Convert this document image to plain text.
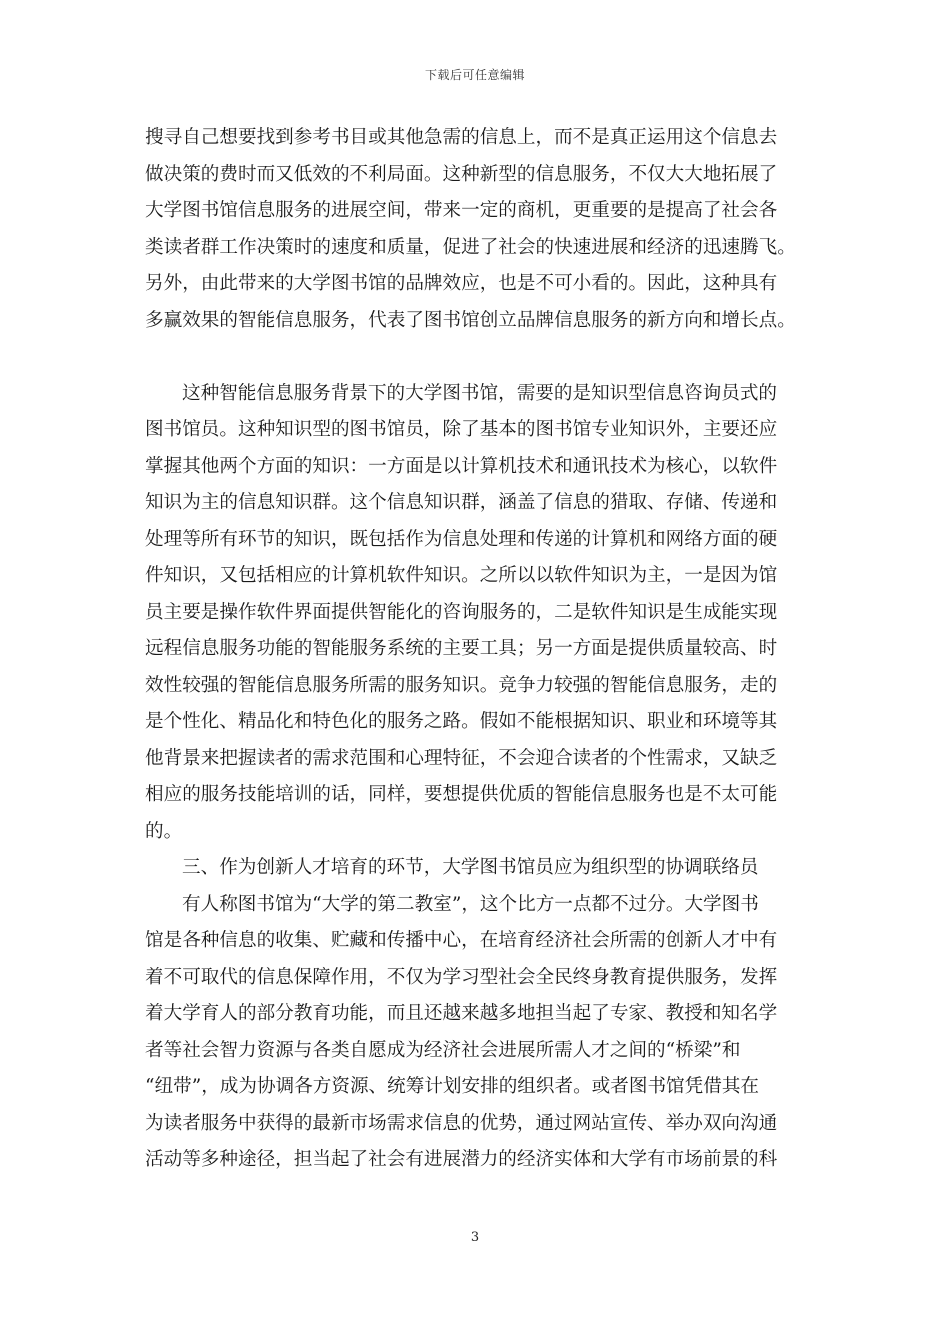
下载后可任意编辑
搜寻自己想要找到参考书目或其他急需的信息上，而不是真正运用这个信息去
做决策的费时而又低效的不利局面。这种新型的信息服务，不仅大大地拓展了
大学图书馆信息服务的进展空间，带来一定的商机，更重要的是提高了社会各
类读者群工作决策时的速度和质量，促进了社会的快速进展和经济的迅速腾飞。
另外，由此带来的大学图书馆的品牌效应，也是不可小看的。因此，这种具有
多赢效果的智能信息服务，代表了图书馆创立品牌信息服务的新方向和增长点。
这种智能信息服务背景下的大学图书馆，需要的是知识型信息咨询员式的
图书馆员。这种知识型的图书馆员，除了基本的图书馆专业知识外，主要还应
掌握其他两个方面的知识：一方面是以计算机技术和通讯技术为核心，以软件
知识为主的信息知识群。这个信息知识群，涵盖了信息的猎取、存储、传递和
处理等所有环节的知识，既包括作为信息处理和传递的计算机和网络方面的硬
件知识，又包括相应的计算机软件知识。之所以以软件知识为主，一是因为馆
员主要是操作软件界面提供智能化的咨询服务的，二是软件知识是生成能实现
远程信息服务功能的智能服务系统的主要工具；另一方面是提供质量较高、时
效性较强的智能信息服务所需的服务知识。竞争力较强的智能信息服务，走的
是个性化、精品化和特色化的服务之路。假如不能根据知识、职业和环境等其
他背景来把握读者的需求范围和心理特征，不会迎合读者的个性需求，又缺乏
相应的服务技能培训的话，同样，要想提供优质的智能信息服务也是不太可能
的。
三、作为创新人才培育的环节，大学图书馆员应为组织型的协调联络员
有人称图书馆为“大学的第二教室”，这个比方一点都不过分。大学图书
馆是各种信息的收集、贮藏和传播中心，在培育经济社会所需的创新人才中有
着不可取代的信息保障作用，不仅为学习型社会全民终身教育提供服务，发挥
着大学育人的部分教育功能，而且还越来越多地担当起了专家、教授和知名学
者等社会智力资源与各类自愿成为经济社会进展所需人才之间的“桥梁”和
“纽带”，成为协调各方资源、统筹计划安排的组织者。或者图书馆凭借其在
为读者服务中获得的最新市场需求信息的优势，通过网站宣传、举办双向沟通
活动等多种途径，担当起了社会有进展潜力的经济实体和大学有市场前景的科
3
